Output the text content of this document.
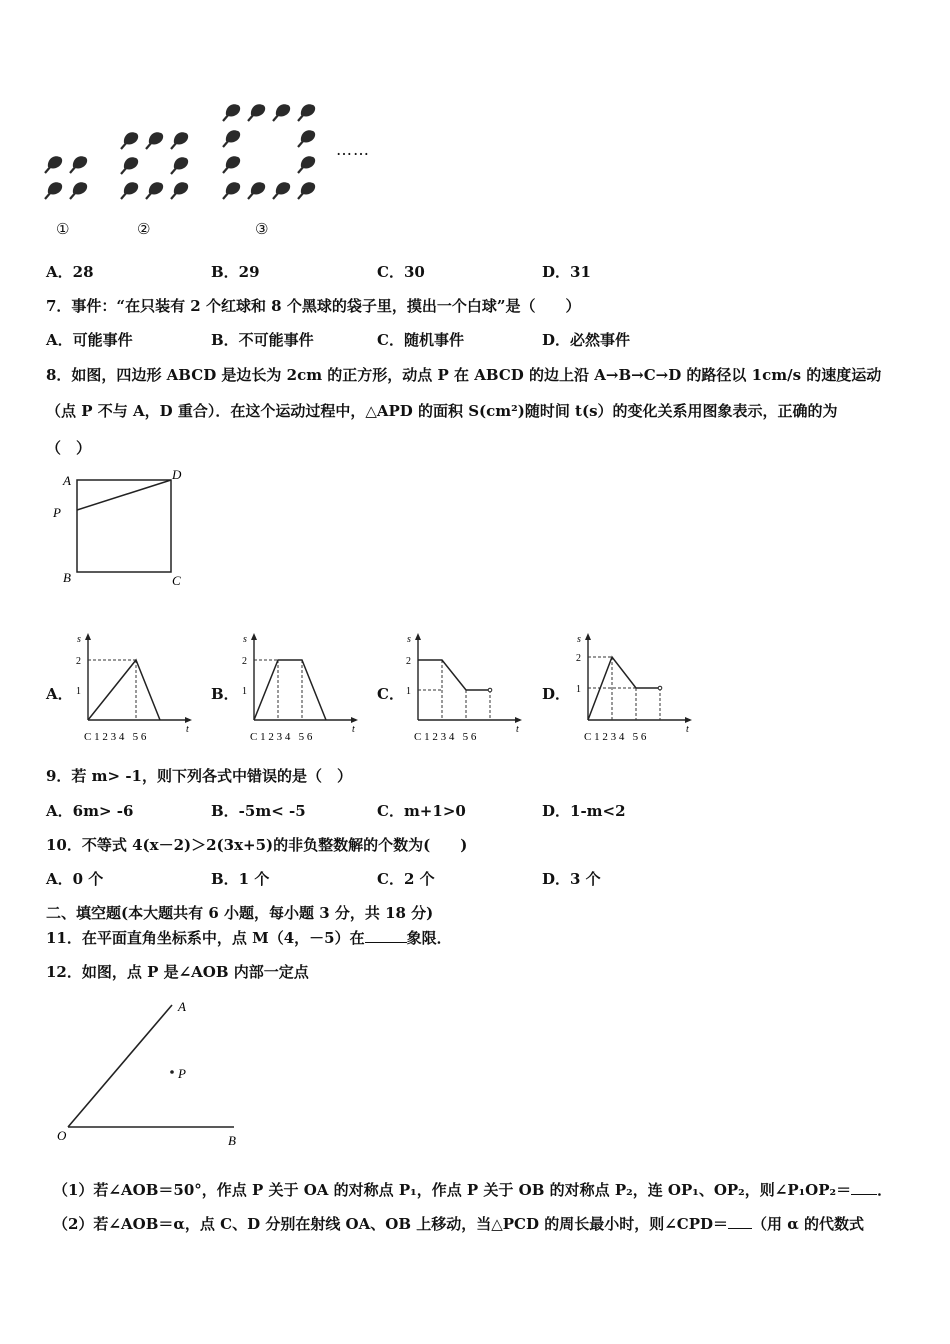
……
①	②	③
A．28	B．29	C．30	D．31
7．事件：“在只装有 2 个红球和 8 个黑球的袋子里，摸出一个白球”是（　　）
A．可能事件	B．不可能事件	C．随机事件	D．必然事件
8．如图，四边形 ABCD 是边长为 2cm 的正方形，动点 P 在 ABCD 的边上沿 A→B→C→D 的路径以 1cm/s 的速度运动
（点 P 不与 A，D 重合）．在这个运动过程中，△APD 的面积 S(cm²)随时间 t(s）的变化关系用图象表示，正确的为
（　）
A	D
P
B	C
A．	B．	C．	D．
s
t
2
1
C 1 2 3 4   5 6
s
t
2
1
C 1 2 3 4   5 6
s
t
2
1
C 1 2 3 4   5 6
s
t
2
1
C 1 2 3 4   5 6
9．若 m> -1，则下列各式中错误的是（　）
A．6m> -6	B．-5m< -5	C．m+1>0	D．1-m<2
10．不等式 4(x－2)＞2(3x+5)的非负整数解的个数为(　　)
A．0 个	B．1 个	C．2 个	D．3 个
二、填空题(本大题共有 6 小题，每小题 3 分，共 18 分)
11．在平面直角坐标系中，点 M（4，－5）在	象限．
12．如图，点 P 是∠AOB 内部一定点
A
P
O	B
（1）若∠AOB＝50°，作点 P 关于 OA 的对称点 P₁，作点 P 关于 OB 的对称点 P₂，连 OP₁、OP₂，则∠P₁OP₂＝ ．
（2）若∠AOB＝α，点 C、D 分别在射线 OA、OB 上移动，当△PCD 的周长最小时，则∠CPD＝ （用 α 的代数式
